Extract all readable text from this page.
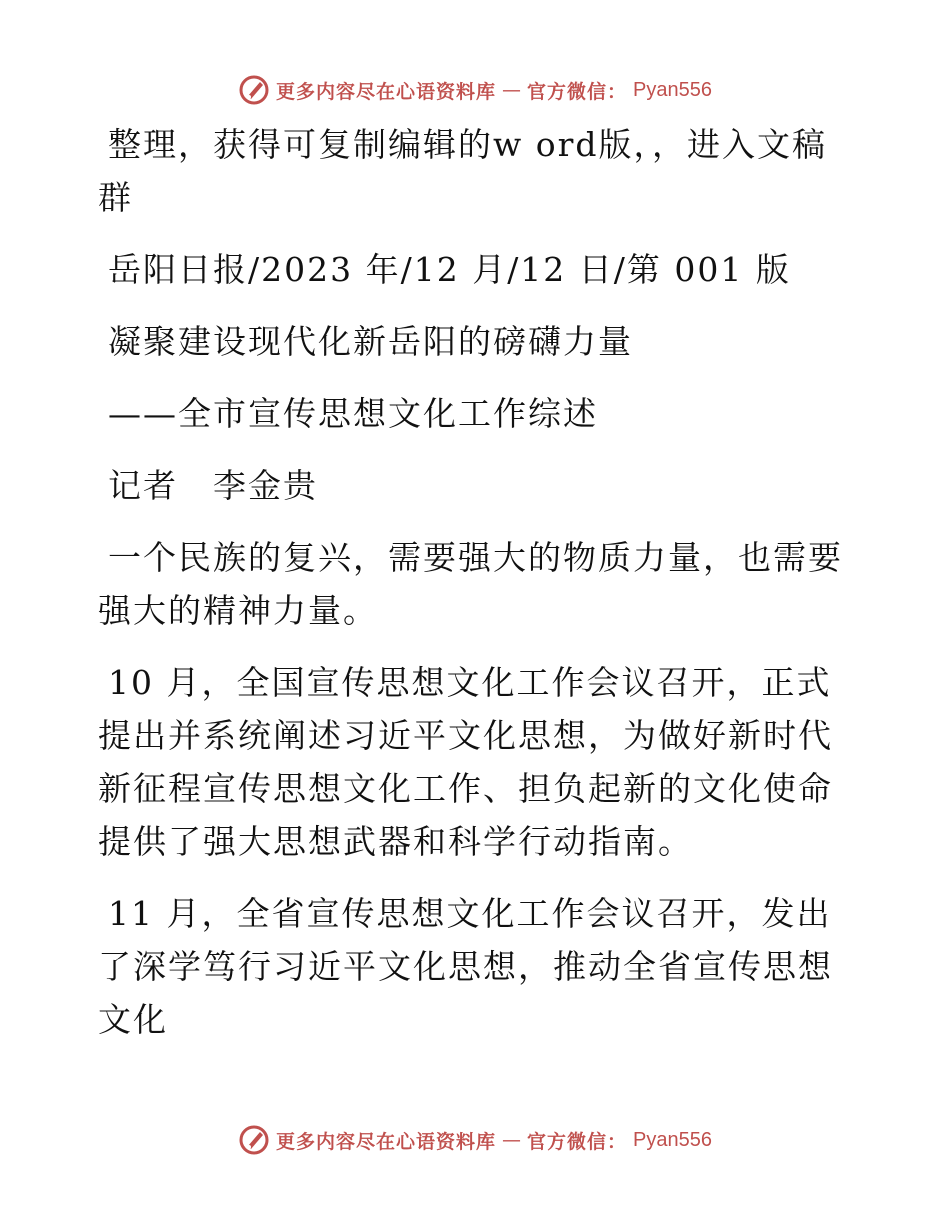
更多内容尽在心语资料库 — 官方微信： Pyan556

整理，获得可复制编辑的w ord版，，进入文稿群

岳阳日报/2023 年/12 月/12 日/第 001 版

凝聚建设现代化新岳阳的磅礴力量

——全市宣传思想文化工作综述

记者　李金贵

一个民族的复兴，需要强大的物质力量，也需要强大的精神力量。

10 月，全国宣传思想文化工作会议召开，正式提出并系统阐述习近平文化思想，为做好新时代新征程宣传思想文化工作、担负起新的文化使命提供了强大思想武器和科学行动指南。

11 月，全省宣传思想文化工作会议召开，发出了深学笃行习近平文化思想，推动全省宣传思想文化

更多内容尽在心语资料库 — 官方微信： Pyan556
